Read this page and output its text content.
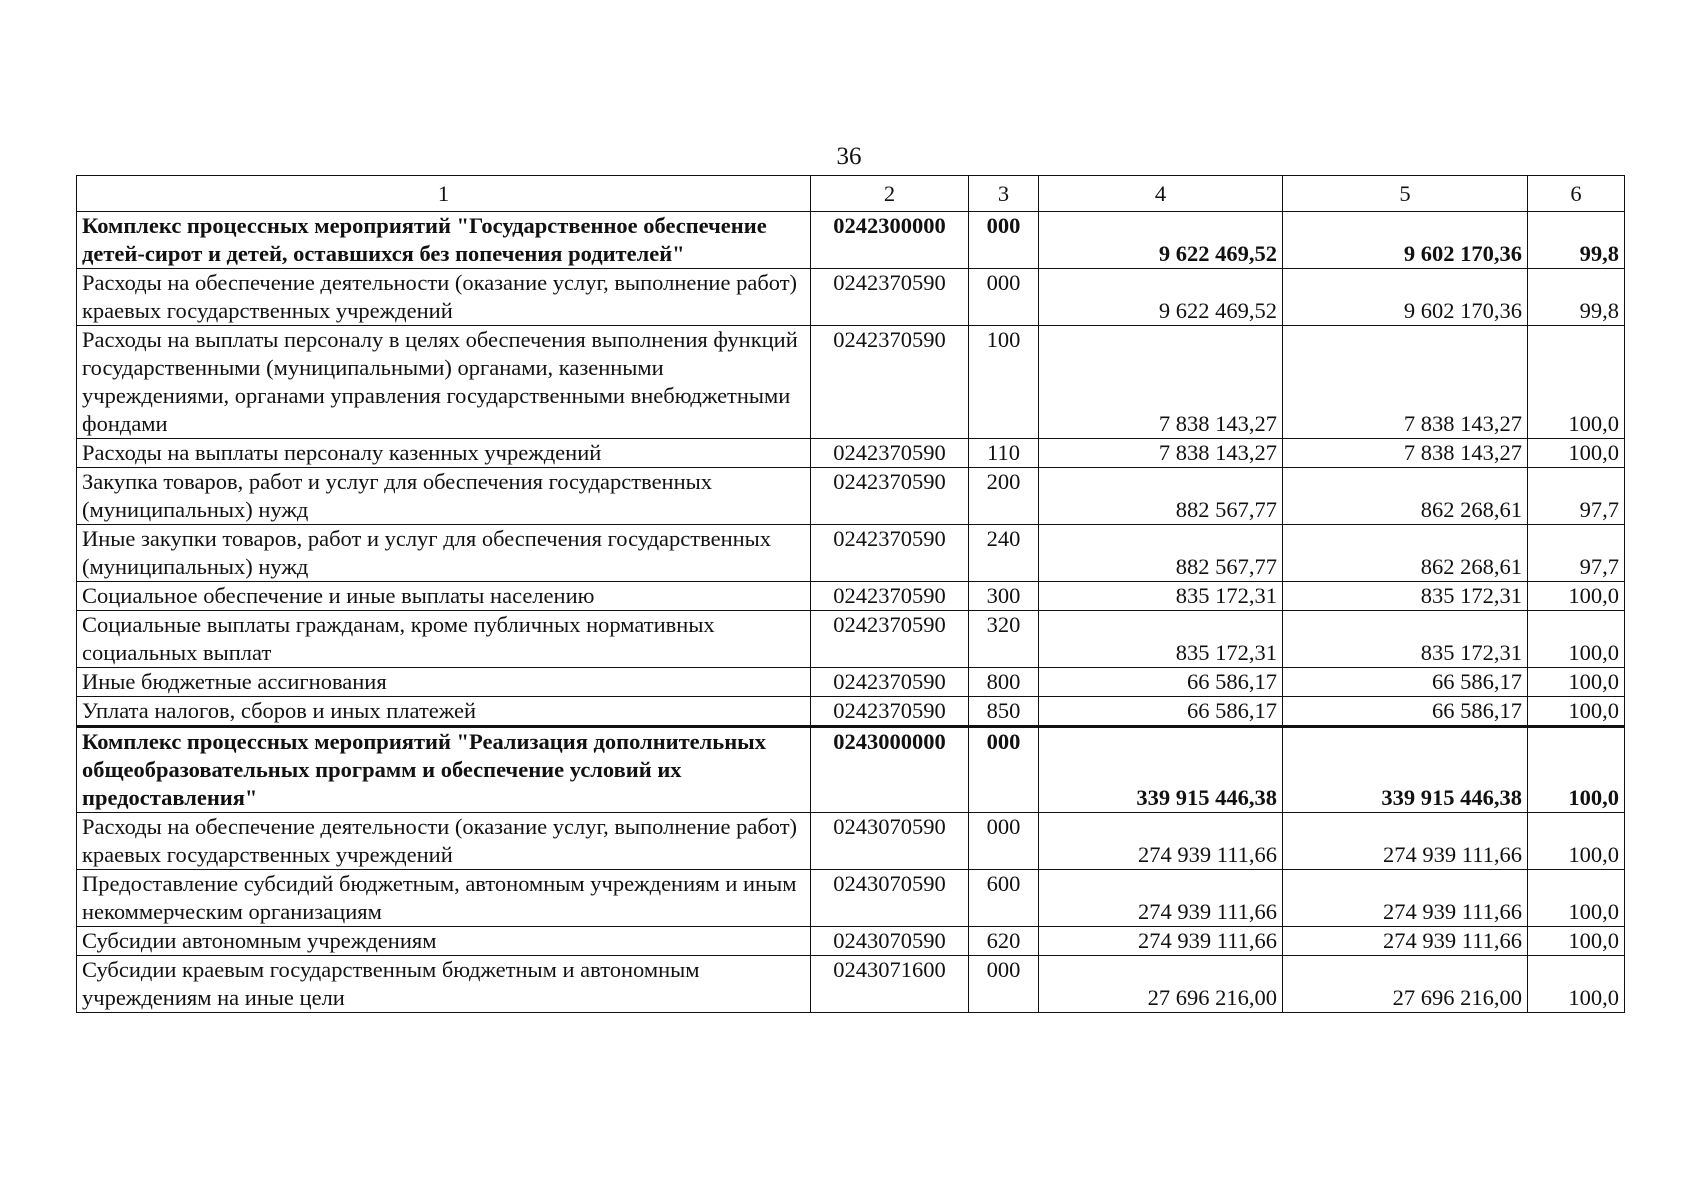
36
1	2	3	4	5	6
Комплекс процессных мероприятий "Государственное обеспечение детей-сирот и детей, оставшихся без попечения родителей"	0242300000	000	9 622 469,52	9 602 170,36	99,8
Расходы на обеспечение деятельности (оказание услуг, выполнение работ) краевых государственных учреждений	0242370590	000	9 622 469,52	9 602 170,36	99,8
Расходы на выплаты персоналу в целях обеспечения выполнения функций государственными (муниципальными) органами, казенными учреждениями, органами управления государственными внебюджетными фондами	0242370590	100	7 838 143,27	7 838 143,27	100,0
Расходы на выплаты персоналу казенных учреждений	0242370590	110	7 838 143,27	7 838 143,27	100,0
Закупка товаров, работ и услуг для обеспечения государственных (муниципальных) нужд	0242370590	200	882 567,77	862 268,61	97,7
Иные закупки товаров, работ и услуг для обеспечения государственных (муниципальных) нужд	0242370590	240	882 567,77	862 268,61	97,7
Социальное обеспечение и иные выплаты населению	0242370590	300	835 172,31	835 172,31	100,0
Социальные выплаты гражданам, кроме публичных нормативных социальных выплат	0242370590	320	835 172,31	835 172,31	100,0
Иные бюджетные ассигнования	0242370590	800	66 586,17	66 586,17	100,0
Уплата налогов, сборов и иных платежей	0242370590	850	66 586,17	66 586,17	100,0
Комплекс процессных мероприятий "Реализация дополнительных общеобразовательных программ и обеспечение условий их предоставления"	0243000000	000	339 915 446,38	339 915 446,38	100,0
Расходы на обеспечение деятельности (оказание услуг, выполнение работ) краевых государственных учреждений	0243070590	000	274 939 111,66	274 939 111,66	100,0
Предоставление субсидий бюджетным, автономным учреждениям и иным некоммерческим организациям	0243070590	600	274 939 111,66	274 939 111,66	100,0
Субсидии автономным учреждениям	0243070590	620	274 939 111,66	274 939 111,66	100,0
Субсидии краевым государственным бюджетным и автономным учреждениям на иные цели	0243071600	000	27 696 216,00	27 696 216,00	100,0
